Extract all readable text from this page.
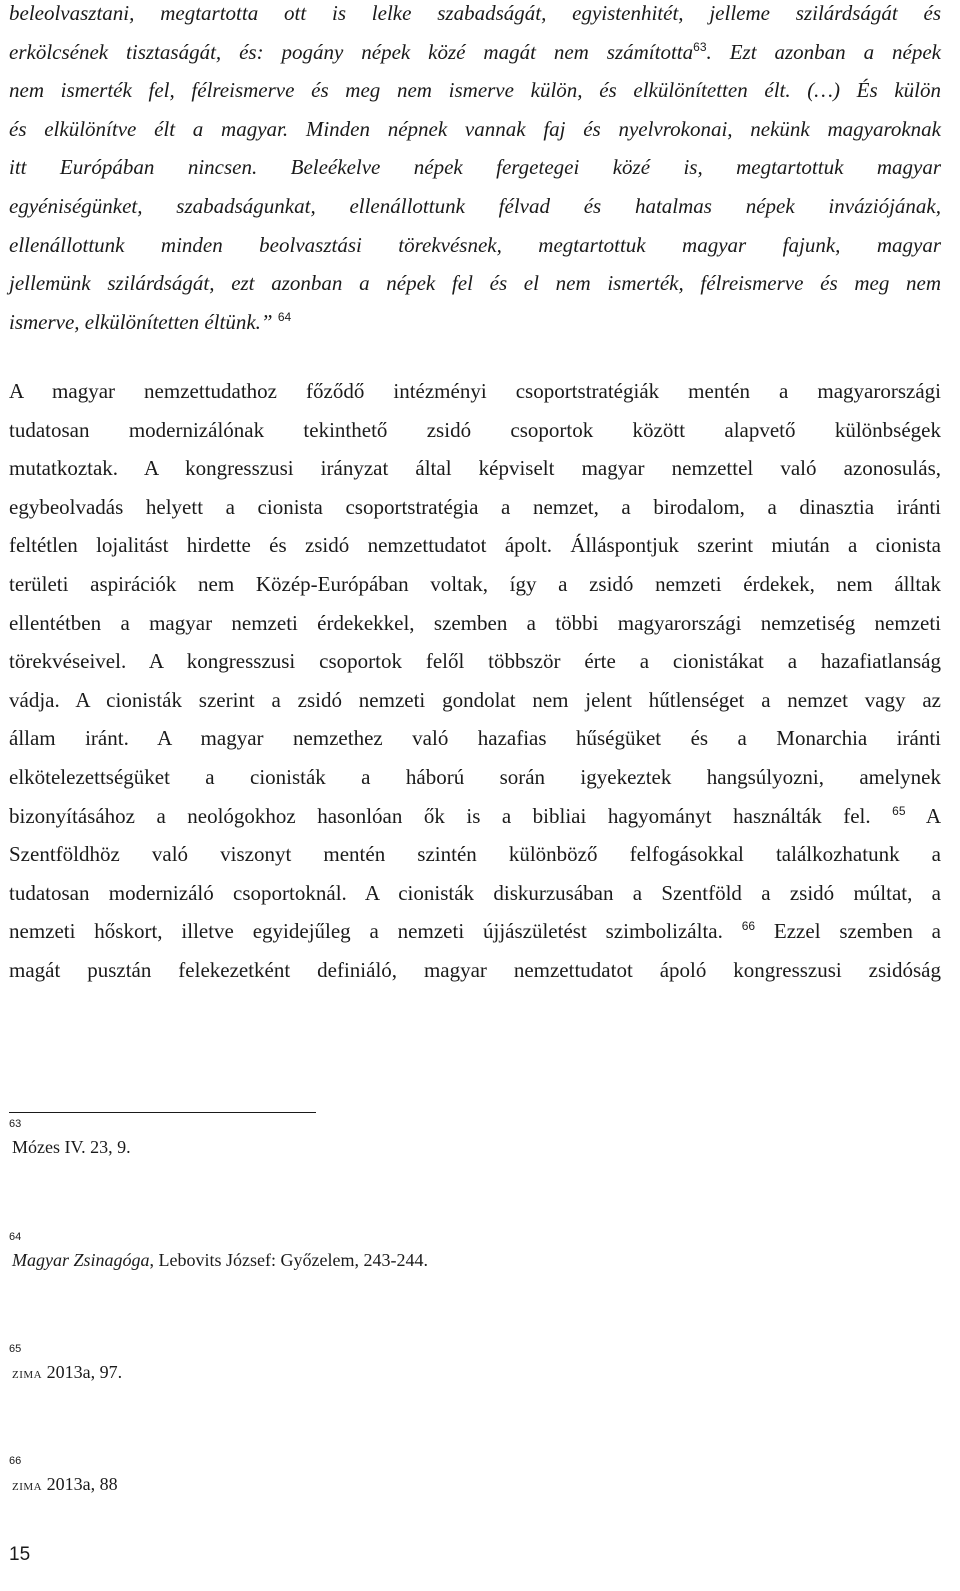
beleolvasztani, megtartotta ott is lelke szabadságát, egyistenhitét, jelleme szilárdságát és
erkölcsének tisztaságát, és: pogány népek közé magát nem számította$^{63}$. Ezt azonban a népek
nem ismerték fel, félreismerve és meg nem ismerve külön, és elkülönítetten élt. (…) És külön
és elkülönítve élt a magyar. Minden népnek vannak faj és nyelvrokonai, nekünk magyaroknak
itt Európában nincsen. Beleékelve népek fergetegei közé is, megtartottuk magyar
egyéniségünket, szabadságunkat, ellenállottunk félvad és hatalmas népek inváziójának,
ellenállottunk minden beolvasztási törekvésnek, megtartottuk magyar fajunk, magyar
jellemünk szilárdságát, ezt azonban a népek fel és el nem ismerték, félreismerve és meg nem
ismerve, elkülönítetten éltünk.” $^{64}$
A magyar nemzettudathoz főződő intézményi csoportstratégiák mentén a magyarországi
tudatosan modernizálónak tekinthető zsidó csoportok között alapvető különbségek
mutatkoztak. A kongresszusi irányzat által képviselt magyar nemzettel való azonosulás,
egybeolvadás helyett a cionista csoportstratégia a nemzet, a birodalom, a dinasztia iránti
feltétlen lojalitást hirdette és zsidó nemzettudatot ápolt. Álláspontjuk szerint miután a cionista
területi aspirációk nem Közép-Európában voltak, így a zsidó nemzeti érdekek, nem álltak
ellentétben a magyar nemzeti érdekekkel, szemben a többi magyarországi nemzetiség nemzeti
törekvéseivel. A kongresszusi csoportok felől többször érte a cionistákat a hazafiatlanság
vádja. A cionisták szerint a zsidó nemzeti gondolat nem jelent hűtlenséget a nemzet vagy az
állam iránt. A magyar nemzethez való hazafias hűségüket és a Monarchia iránti
elkötelezettségüket a cionisták a háború során igyekeztek hangsúlyozni, amelynek
bizonyításához a neológokhoz hasonlóan ők is a bibliai hagyományt használták fel. $^{65}$ A
Szentföldhöz való viszonyt mentén szintén különböző felfogásokkal találkozhatunk a
tudatosan modernizáló csoportoknál. A cionisták diskurzusában a Szentföld a zsidó múltat, a
nemzeti hőskort, illetve egyidejűleg a nemzeti újjászületést szimbolizálta. $^{66}$ Ezzel szemben a
magát pusztán felekezetként definiáló, magyar nemzettudatot ápoló kongresszusi zsidóság
63
Mózes IV. 23, 9.
64
Magyar Zsinagóga, Lebovits József: Győzelem, 243-244.
65
zima 2013a, 97.
66
zima 2013a, 88
15
